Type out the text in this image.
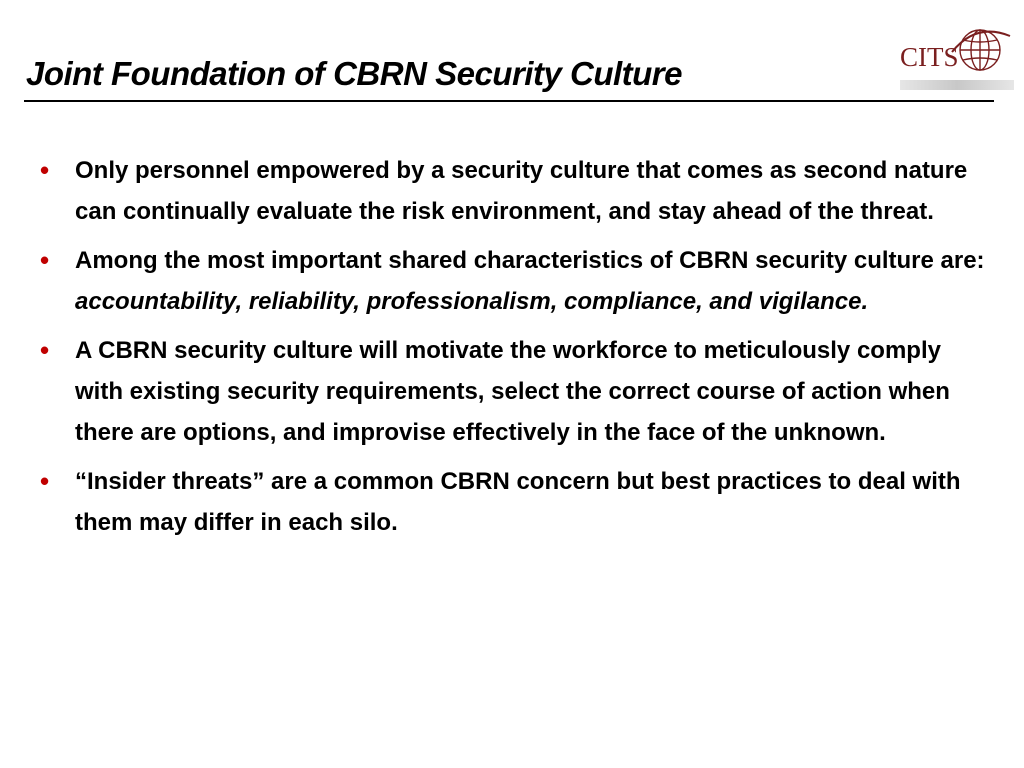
Joint Foundation of CBRN Security Culture	CITS
• Only personnel empowered by a security culture that comes as second nature can continually evaluate the risk environment, and stay ahead of the threat.
• Among the most important shared characteristics of CBRN security culture are: accountability, reliability, professionalism, compliance, and vigilance.
• A CBRN security culture will motivate the workforce to meticulously comply with existing security requirements, select the correct course of action when there are options, and improvise effectively in the face of the unknown.
• “Insider threats” are a common CBRN concern but best practices to deal with them may differ in each silo.
